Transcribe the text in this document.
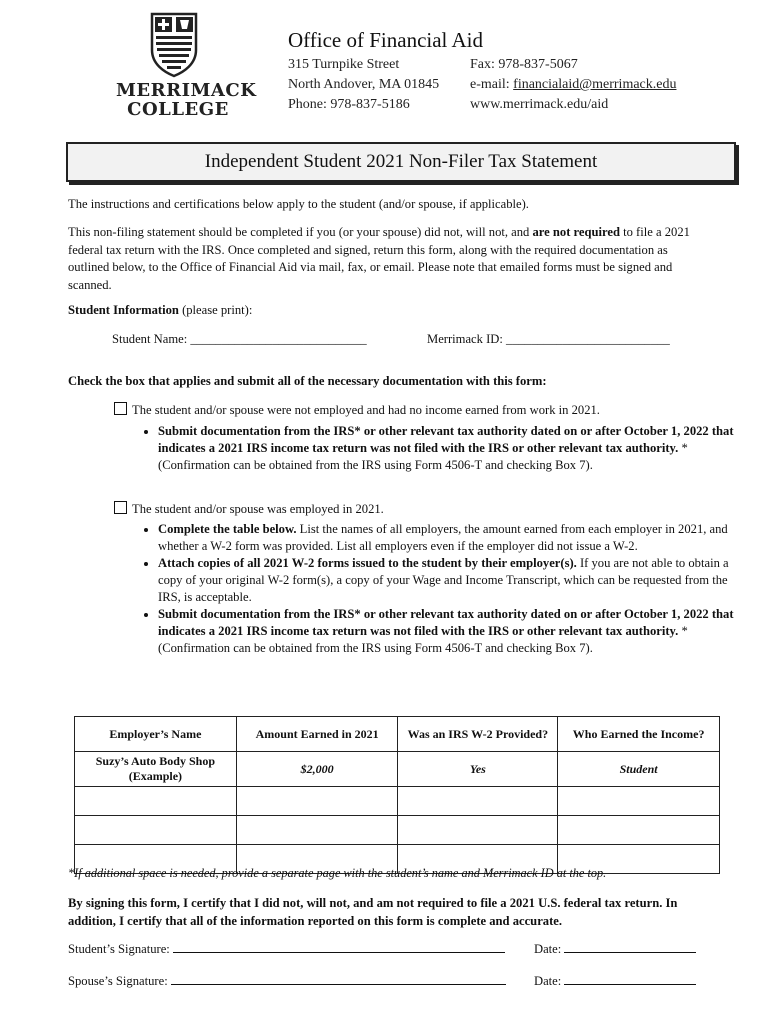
MERRIMACK
COLLEGE
Office of Financial Aid
315 Turnpike Street
North Andover, MA 01845
Phone: 978-837-5186
Fax: 978-837-5067
e-mail: financialaid@merrimack.edu
www.merrimack.edu/aid
Independent Student 2021 Non-Filer Tax Statement
The instructions and certifications below apply to the student (and/or spouse, if applicable).
This non-filing statement should be completed if you (or your spouse) did not, will not, and are not required to file a 2021 federal tax return with the IRS. Once completed and signed, return this form, along with the required documentation as outlined below, to the Office of Financial Aid via mail, fax, or email. Please note that emailed forms must be signed and scanned.
Student Information (please print):
Student Name: ____________________________	Merrimack ID: __________________________
Check the box that applies and submit all of the necessary documentation with this form:
The student and/or spouse were not employed and had no income earned from work in 2021.
• Submit documentation from the IRS* or other relevant tax authority dated on or after October 1, 2022 that indicates a 2021 IRS income tax return was not filed with the IRS or other relevant tax authority. *(Confirmation can be obtained from the IRS using Form 4506-T and checking Box 7).
The student and/or spouse was employed in 2021.
• Complete the table below. List the names of all employers, the amount earned from each employer in 2021, and whether a W-2 form was provided. List all employers even if the employer did not issue a W-2.
• Attach copies of all 2021 W-2 forms issued to the student by their employer(s). If you are not able to obtain a copy of your original W-2 form(s), a copy of your Wage and Income Transcript, which can be requested from the IRS, is acceptable.
• Submit documentation from the IRS* or other relevant tax authority dated on or after October 1, 2022 that indicates a 2021 IRS income tax return was not filed with the IRS or other relevant tax authority. *(Confirmation can be obtained from the IRS using Form 4506-T and checking Box 7).
Employer’s Name	Amount Earned in 2021	Was an IRS W-2 Provided?	Who Earned the Income?
Suzy’s Auto Body Shop (Example)	$2,000	Yes	Student

*If additional space is needed, provide a separate page with the student’s name and Merrimack ID at the top.
By signing this form, I certify that I did not, will not, and am not required to file a 2021 U.S. federal tax return. In addition, I certify that all of the information reported on this form is complete and accurate.
Student’s Signature:	Date:
Spouse’s Signature:	Date:
